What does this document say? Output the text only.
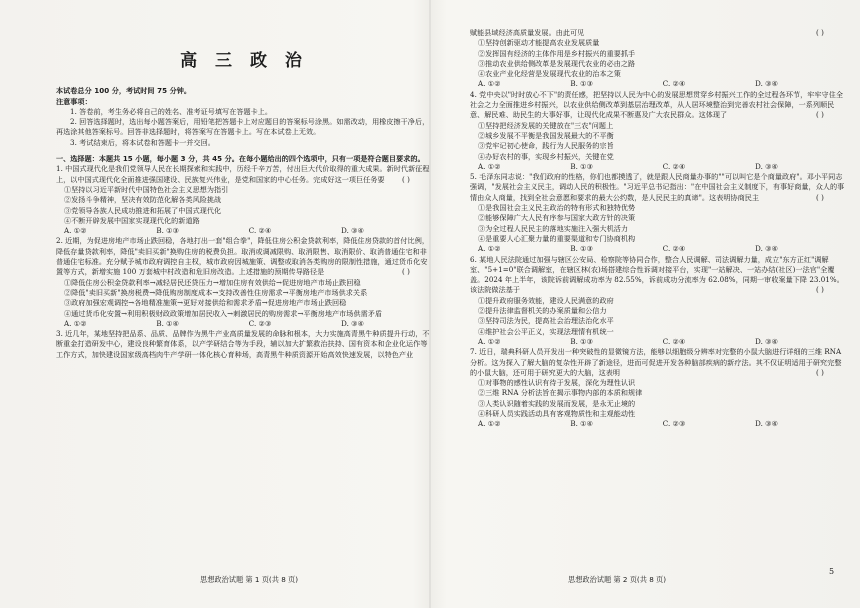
高 三 政 治

本试卷总分 100 分，考试时间 75 分钟。

注意事项：

1. 答卷前，考生务必将自己的姓名、准考证号填写在答题卡上。

2. 回答选择题时，选出每小题答案后，用铅笔把答题卡上对应题目的答案标号涂黑。如需改动，用橡皮擦干净后，再选涂其他答案标号。回答非选择题时，将答案写在答题卡上。写在本试卷上无效。

3. 考试结束后，将本试卷和答题卡一并交回。

一、选择题：本题共 15 小题，每小题 3 分，共 45 分。在每小题给出的四个选项中，只有一项是符合题目要求的。

1. 中国式现代化是我们党领导人民在长期探索和实践中，历经千辛万苦，付出巨大代价取得的重大成果。新时代新征程上，以中国式现代化全面推进强国建设、民族复兴伟业，是党和国家的中心任务。完成好这一项巨任务要 ( )

①坚持以习近平新时代中国特色社会主义思想为指引

②发扬斗争精神，坚决有效防范化解各类风险挑战

③党领导各族人民成功推进和拓展了中国式现代化

④不断开辟发展中国家实现现代化的新道路

A. ①②	B. ①③	C. ②④	D. ③④

2. 近期，为促进房地产市场止跌回稳，各地打出一套"组合拳"，降低住房公积金贷款利率，降低住房贷款的首付比例，降低存量贷款利率，降低"卖旧买新"换购住房的税费负担。取消或调减限购、取消限售、取消限价、取消普通住宅和非普通住宅标准。充分赋予城市政府调控自主权，城市政府因城施策、调整或取消各类购房的限制性措施，通过货币化安置等方式，新增实施 100 万套城中村改造和危旧房改造。上述措施的预期传导路径是	( )

①降低住房公积金贷款利率→减轻居民还贷压力→增加住房有效供给→促进房地产市场止跌回稳

②降低"卖旧买新"换房税费→降低购房制度成本→支持改善性住房需求→平衡房地产市场供求关系

③政府加强宏观调控→各地精准施策→更好对接供给和需求矛盾→促进房地产市场止跌回稳

④通过货币化安置→利用积极财政政策增加居民收入→刺激居民的购房需求→平衡房地产市场供需矛盾

A. ①②	B. ①④	C. ②③	D. ③④

3. 近几年，某地坚持把品系、品质、品牌作为黑牛产业高质量发展的命脉和根本，大力实施高青黑牛种质提升行动，不断重金打造研发中心，建设良种繁育体系，以产学研结合等为手段，辅以加大扩繁救治扶持、国有资本和企业化运作等工作方式，加快建设国家级高档肉牛产学研一体化核心育种场，高青黑牛种质资源开始高效快速发展，以特色产业

赋能县域经济高质量发展。由此可见	( )

①坚持创新驱动才能提高农业发展质量

②发挥国有经济的主体作用是乡村振兴的重要抓手

③推动农业供给侧改革是发展现代农业的必由之路

④农业产业化经营是发展现代农业的治本之策

A. ①②	B. ①③	C. ②④	D. ③④

4. 党中央以"时时放心不下"的责任感，把坚持以人民为中心的发展思想贯穿乡村振兴工作的全过程各环节，牢牢守住全社会之力全面推进乡村振兴，以农业供给侧改革到基层治理改革，从人居环境整治到完善农村社会保障，一系列顺民意、解民难、助民生的大事好事，让现代化成果不断惠及广大农民群众。这体现了	( )

①坚持把经济发展的关键放在"三农"问题上

②城乡发展不平衡是我国发展最大的不平衡

③党牢记初心使命，践行为人民服务的宗旨

④办好农村的事，实现乡村振兴，关键在党

A. ①②	B. ①③	C. ②④	D. ③④

5. 毛泽东同志说："我们政府的性格，你们也都摸透了，就是跟人民商量办事的""可以叫它是个商量政府"。邓小平同志强调，"发展社会主义民主，调动人民的积极性。"习近平总书记指出："在中国社会主义制度下，有事好商量，众人的事情由众人商量，找到全社会意愿和要求的最大公约数，是人民民主的真谛"。这表明协商民主	( )

①是我国社会主义民主政治的特有形式和独特优势

②能够保障广大人民有序参与国家大政方针的决策

③为全过程人民民主的落地实施注入强大机活力

④是重要人心汇聚力量的重要渠道和专门协商机构

A. ①②	B. ①③	C. ②④	D. ③④

6. 某地人民法院通过加强与辖区公安局、检察院等协同合作，整合人民调解、司法调解力量，成立"东方正红"调解室、"5+1=0"联合调解室，在辖区林(农)场搭建综合性诉调对接平台，实现"一站解决、一站办结(社区)一法官"全覆盖。2024 年上半年，该院诉前调解成功率为 82.55%，诉前成功分流率为 62.08%，同期一审收案量下降 23.01%。该法院做法基于	( )

①提升政府服务效能，建设人民满意的政府

②提升法律监督机关的办案质量和公信力

③坚持司法为民，提高社会治理法治化水平

④维护社会公平正义，实现法理情有机统一

A. ①②	B. ①③	C. ②④	D. ③④

7. 近日，瑞典科研人员开发出一种突破性的显微镜方法，能够以细胞级分辨率对完整的小鼠大脑进行详细的三维 RNA 分析。这为探入了解大脑的复杂性开辟了新途径，进而可促进开发各种脑部疾病的新疗法。其不仅证明适用于研究完整的小鼠大脑，还可用于研究更大的大脑，这表明	( )

①对事物的感性认识有待于发展，深化为理性认识

②三维 RNA 分析法旨在揭示事物内部的本质和规律

③人类认识随着实践的发展而发展，是永无止境的

④科研人员实践活动具有客观物质性和主观能动性

A. ①②	B. ①④	C. ②③	D. ③④
思想政治试题 第 1 页(共 8 页)	思想政治试题 第 2 页(共 8 页)
5
